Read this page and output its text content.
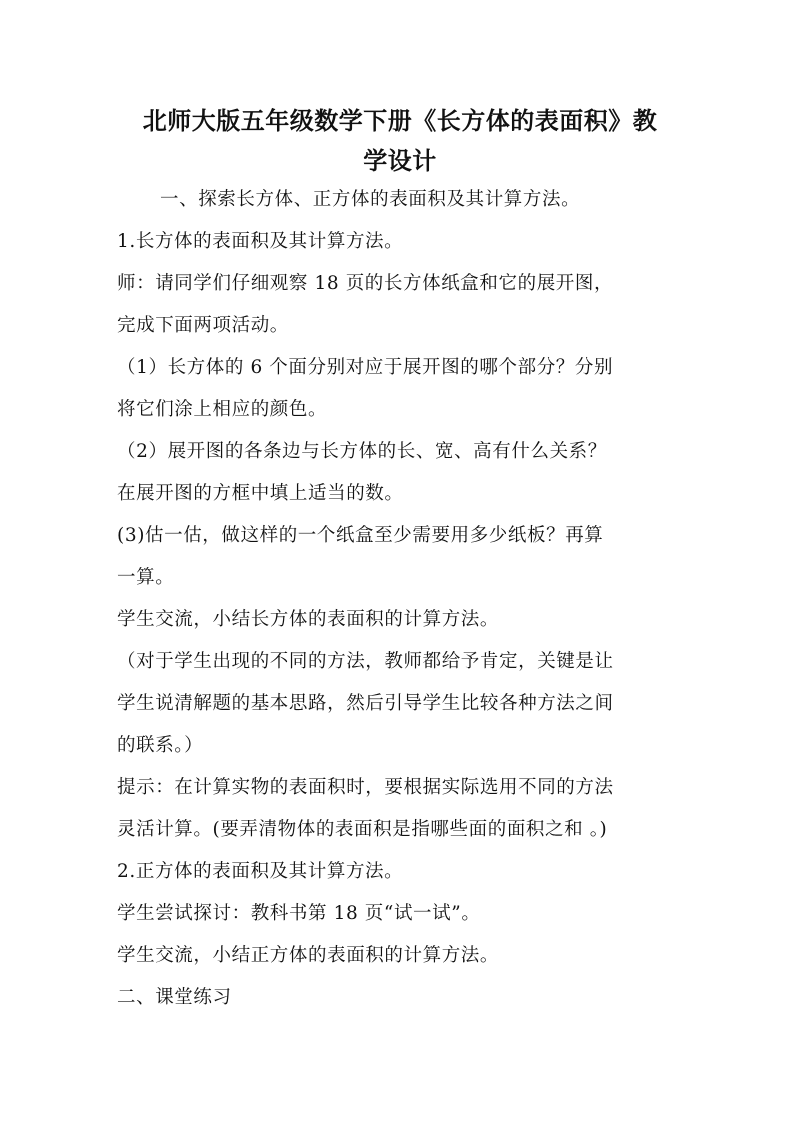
北师大版五年级数学下册《长方体的表面积》教
学设计
一、探索长方体、正方体的表面积及其计算方法。
1.长方体的表面积及其计算方法。
师：请同学们仔细观察 18 页的长方体纸盒和它的展开图，
完成下面两项活动。
（1）长方体的 6 个面分别对应于展开图的哪个部分？分别
将它们涂上相应的颜色。
（2）展开图的各条边与长方体的长、宽、高有什么关系？
在展开图的方框中填上适当的数。
(3)估一估，做这样的一个纸盒至少需要用多少纸板？再算
一算。
学生交流，小结长方体的表面积的计算方法。
（对于学生出现的不同的方法，教师都给予肯定，关键是让
学生说清解题的基本思路，然后引导学生比较各种方法之间
的联系。）
提示：在计算实物的表面积时，要根据实际选用不同的方法
灵活计算。(要弄清物体的表面积是指哪些面的面积之和 。)
2.正方体的表面积及其计算方法。
学生尝试探讨：教科书第 18 页“试一试”。
学生交流，小结正方体的表面积的计算方法。
二、课堂练习
